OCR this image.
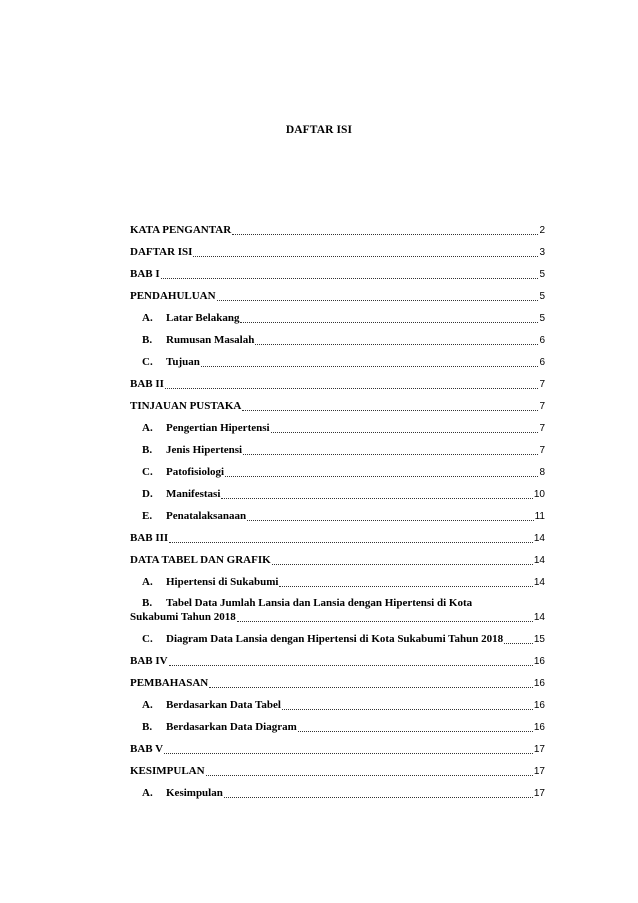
DAFTAR ISI
KATA PENGANTAR	2
DAFTAR ISI	3
BAB I	5
PENDAHULUAN	5
A.	Latar Belakang	5
B.	Rumusan Masalah	6
C.	Tujuan	6
BAB II	7
TINJAUAN PUSTAKA	7
A.	Pengertian Hipertensi	7
B.	Jenis Hipertensi	7
C.	Patofisiologi	8
D.	Manifestasi	10
E.	Penatalaksanaan	11
BAB III	14
DATA TABEL DAN GRAFIK	14
A.	Hipertensi di Sukabumi	14
B. Tabel Data Jumlah Lansia dan Lansia dengan Hipertensi di Kota
Sukabumi Tahun 2018	14
C.	Diagram Data Lansia dengan Hipertensi di Kota Sukabumi Tahun 2018	15
BAB IV	16
PEMBAHASAN	16
A.	Berdasarkan Data Tabel	16
B.	Berdasarkan Data Diagram	16
BAB V	17
KESIMPULAN	17
A.	Kesimpulan	17
